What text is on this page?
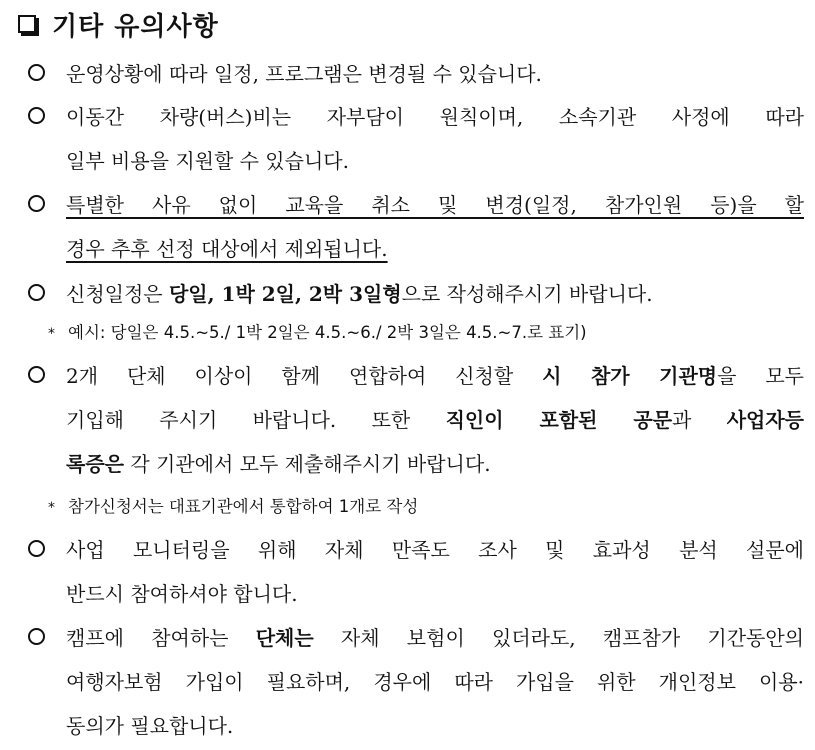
기타 유의사항
운영상황에 따라 일정, 프로그램은 변경될 수 있습니다.
이동간 차량(버스)비는 자부담이 원칙이며, 소속기관 사정에 따라
일부 비용을 지원할 수 있습니다.
특별한 사유 없이 교육을 취소 및 변경(일정, 참가인원 등)을 할
경우 추후 선정 대상에서 제외됩니다.
신청일정은 당일, 1박 2일, 2박 3일형으로 작성해주시기 바랍니다.
* 예시: 당일은 4.5.~5./ 1박 2일은 4.5.~6./ 2박 3일은 4.5.~7.로 표기)
2개 단체 이상이 함께 연합하여 신청할 시 참가 기관명을 모두
기입해 주시기 바랍니다. 또한 직인이 포함된 공문과 사업자등
록증은 각 기관에서 모두 제출해주시기 바랍니다.
* 참가신청서는 대표기관에서 통합하여 1개로 작성
사업 모니터링을 위해 자체 만족도 조사 및 효과성 분석 설문에
반드시 참여하셔야 합니다.
캠프에 참여하는 단체는 자체 보험이 있더라도, 캠프참가 기간동안의
여행자보험 가입이 필요하며, 경우에 따라 가입을 위한 개인정보 이용·
동의가 필요합니다.
